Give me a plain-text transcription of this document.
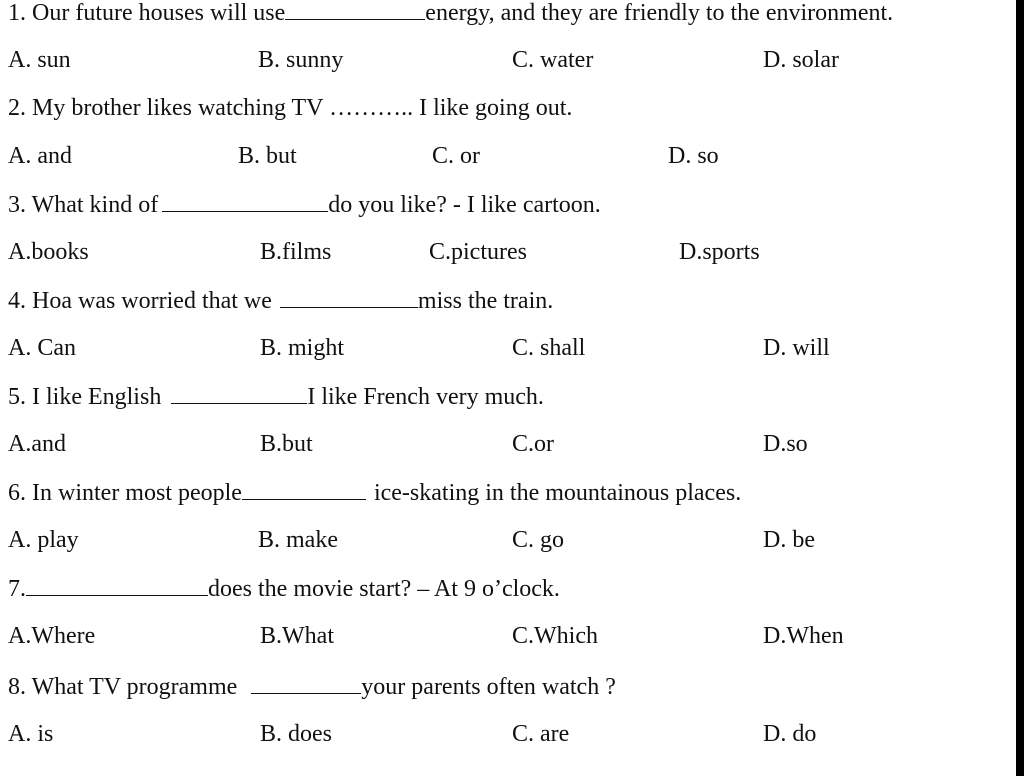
1. Our future houses will use	energy, and they are friendly to the environment.
A. sun	B. sunny	C. water	D. solar
2. My brother likes watching TV ……….. I like going out.
A. and	B. but	C. or	D. so
3. What kind of	do you like? - I like cartoon.
A.books	B.films	C.pictures	D.sports
4. Hoa was worried that we	miss the train.
A. Can	B. might	C. shall	D. will
5. I like English	I like French very much.
A.and	B.but	C.or	D.so
6. In winter most people	ice-skating in the mountainous places.
A. play	B. make	C. go	D. be
7.	does the movie start? – At 9 o’clock.
A.Where	B.What	C.Which	D.When
8. What TV programme	your parents often watch ?
A. is	B. does	C. are	D. do
